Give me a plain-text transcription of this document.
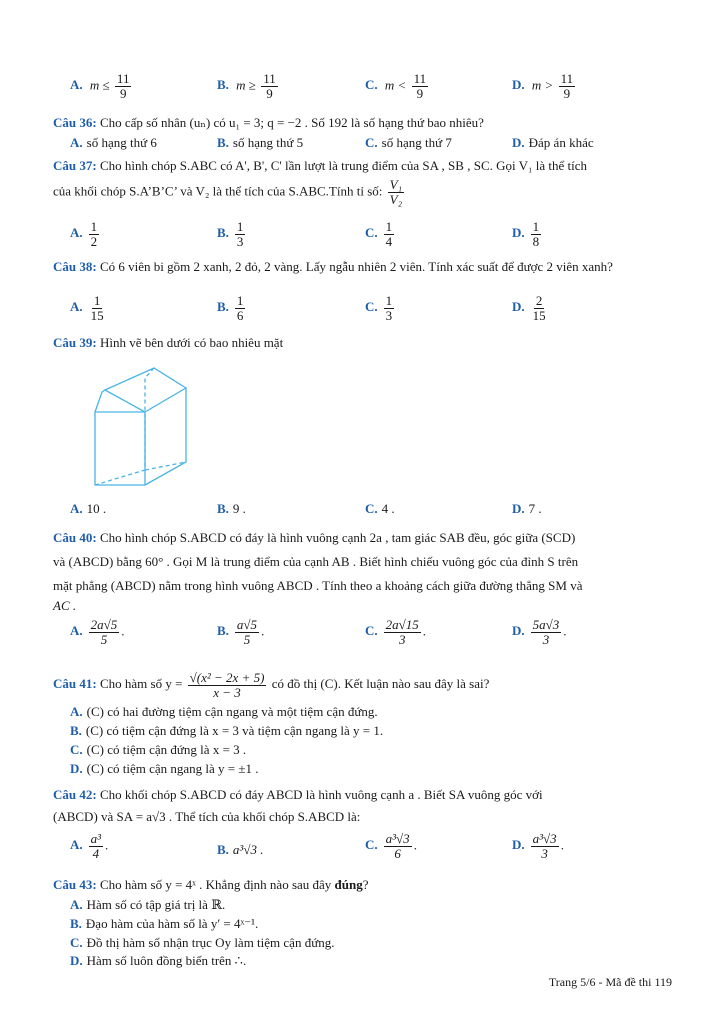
A. $m \le \frac{11}{9}$	B. $m \ge \frac{11}{9}$	C. $m < \frac{11}{9}$	D. $m > \frac{11}{9}$
Câu 36: Cho cấp số nhân (uₙ) có u₁ = 3; q = −2 . Số 192 là số hạng thứ bao nhiêu?
A. số hạng thứ 6	B. số hạng thứ 5	C. số hạng thứ 7	D. Đáp án khác
Câu 37: Cho hình chóp S.ABC có A', B', C' lần lượt là trung điểm của SA , SB , SC. Gọi V₁ là thể tích
của khối chóp S.A’B’C’ và V₂ là thể tích của S.ABC.Tính tỉ số: $\frac{\text{V₁}}{\text{V₂}}$
A. $\frac{1}{2}$	B. $\frac{1}{3}$	C. $\frac{1}{4}$	D. $\frac{1}{8}$
Câu 38: Có 6 viên bi gồm 2 xanh, 2 đỏ, 2 vàng. Lấy ngẫu nhiên 2 viên. Tính xác suất để được 2 viên xanh?
A. $\frac{1}{15}$	B. $\frac{1}{6}$	C. $\frac{1}{3}$	D. $\frac{2}{15}$
Câu 39: Hình vẽ bên dưới có bao nhiêu mặt
A. 10 .	B. 9 .	C. 4 .	D. 7 .
Câu 40: Cho hình chóp S.ABCD có đáy là hình vuông cạnh 2a , tam giác SAB đều, góc giữa (SCD)
và (ABCD) bằng 60° . Gọi M là trung điểm của cạnh AB . Biết hình chiếu vuông góc của đỉnh S trên
mặt phẳng (ABCD) nằm trong hình vuông ABCD . Tính theo a khoảng cách giữa đường thẳng SM và
AC .
A. $\frac{2a√5}{5}$ .	B. $\frac{a√5}{5}$ .	C. $\frac{2a√15}{3}$ .	D. $\frac{5a√3}{3}$ .
Câu 41: Cho hàm số $y = \frac{\text{√(x² − 2x + 5)}}{x - 3}$ có đồ thị (C). Kết luận nào sau đây là sai?
A. (C) có hai đường tiệm cận ngang và một tiệm cận đứng.
B. (C) có tiệm cận đứng là x = 3 và tiệm cận ngang là y = 1.
C. (C) có tiệm cận đứng là x = 3 .
D. (C) có tiệm cận ngang là y = ±1 .
Câu 42: Cho khối chóp S.ABCD có đáy ABCD là hình vuông cạnh a . Biết SA vuông góc với
(ABCD) và SA = a√3 . Thể tích của khối chóp S.ABCD là:
A. $\frac{\text{a³}}{4}$ .	B. a³√3 .	C. $\frac{\text{a³√3}}{6}$ .	D. $\frac{\text{a³√3}}{3}$ .
Câu 43: Cho hàm số y = 4ˣ . Khẳng định nào sau đây đúng?
A. Hàm số có tập giá trị là ℝ.
B. Đạo hàm của hàm số là y′ = 4ˣ⁻¹.
C. Đồ thị hàm số nhận trục Oy làm tiệm cận đứng.
D. Hàm số luôn đồng biến trên ∴.
Trang 5/6 - Mã đề thi 119
